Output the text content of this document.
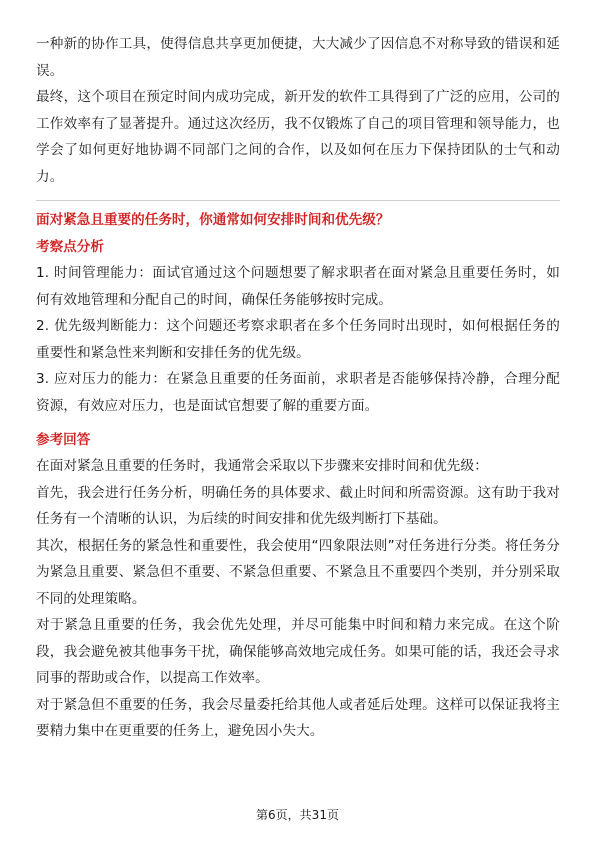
一种新的协作工具，使得信息共享更加便捷，大大减少了因信息不对称导致的错误和延误。

最终，这个项目在预定时间内成功完成，新开发的软件工具得到了广泛的应用，公司的工作效率有了显著提升。通过这次经历，我不仅锻炼了自己的项目管理和领导能力，也学会了如何更好地协调不同部门之间的合作，以及如何在压力下保持团队的士气和动力。

面对紧急且重要的任务时，你通常如何安排时间和优先级？

考察点分析

1. 时间管理能力：面试官通过这个问题想要了解求职者在面对紧急且重要任务时，如何有效地管理和分配自己的时间，确保任务能够按时完成。

2. 优先级判断能力：这个问题还考察求职者在多个任务同时出现时，如何根据任务的重要性和紧急性来判断和安排任务的优先级。

3. 应对压力的能力：在紧急且重要的任务面前，求职者是否能够保持冷静，合理分配资源，有效应对压力，也是面试官想要了解的重要方面。

参考回答

在面对紧急且重要的任务时，我通常会采取以下步骤来安排时间和优先级：

首先，我会进行任务分析，明确任务的具体要求、截止时间和所需资源。这有助于我对任务有一个清晰的认识，为后续的时间安排和优先级判断打下基础。

其次，根据任务的紧急性和重要性，我会使用“四象限法则”对任务进行分类。将任务分为紧急且重要、紧急但不重要、不紧急但重要、不紧急且不重要四个类别，并分别采取不同的处理策略。

对于紧急且重要的任务，我会优先处理，并尽可能集中时间和精力来完成。在这个阶段，我会避免被其他事务干扰，确保能够高效地完成任务。如果可能的话，我还会寻求同事的帮助或合作，以提高工作效率。

对于紧急但不重要的任务，我会尽量委托给其他人或者延后处理。这样可以保证我将主要精力集中在更重要的任务上，避免因小失大。

第6页，共31页
